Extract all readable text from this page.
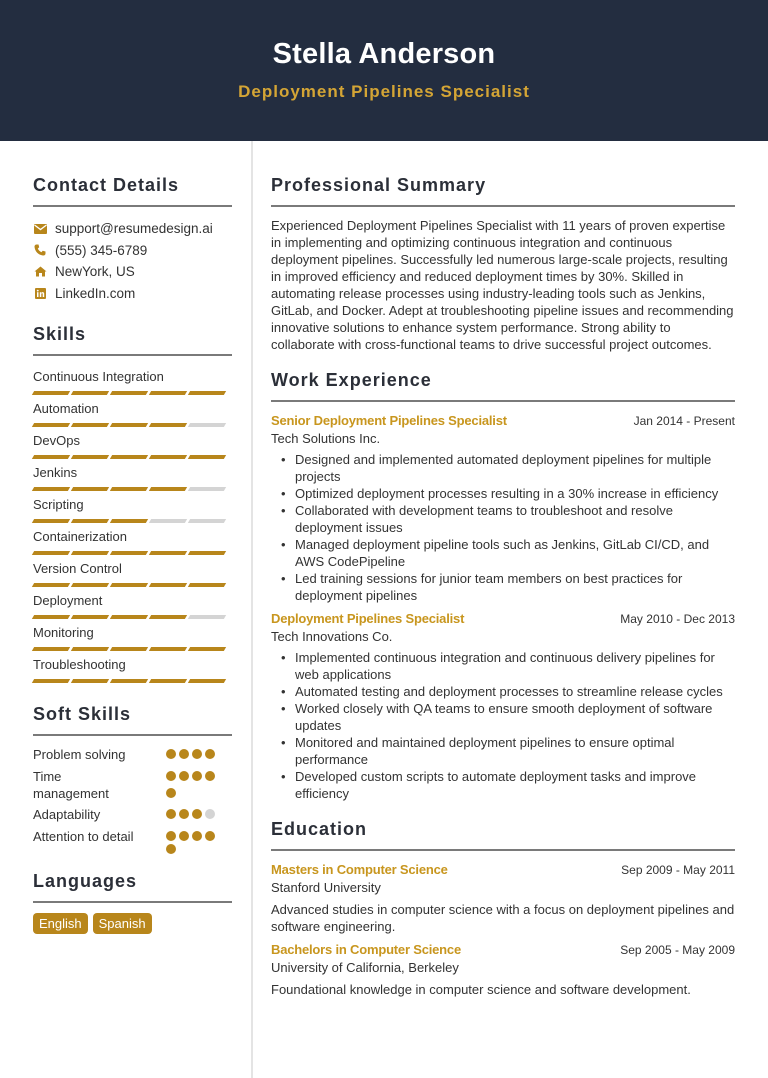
Stella Anderson
Deployment Pipelines Specialist
Contact Details
support@resumedesign.ai
(555) 345-6789
NewYork, US
LinkedIn.com
Skills
Continuous Integration
Automation
DevOps
Jenkins
Scripting
Containerization
Version Control
Deployment
Monitoring
Troubleshooting
Soft Skills
Problem solving
Time management
Adaptability
Attention to detail
Languages
English	Spanish
Professional Summary
Experienced Deployment Pipelines Specialist with 11 years of proven expertise in implementing and optimizing continuous integration and continuous deployment pipelines. Successfully led numerous large-scale projects, resulting in improved efficiency and reduced deployment times by 30%. Skilled in automating release processes using industry-leading tools such as Jenkins, GitLab, and Docker. Adept at troubleshooting pipeline issues and recommending innovative solutions to enhance system performance. Strong ability to collaborate with cross-functional teams to drive successful project outcomes.
Work Experience
Senior Deployment Pipelines Specialist	Jan 2014 - Present
Tech Solutions Inc.
• Designed and implemented automated deployment pipelines for multiple projects
• Optimized deployment processes resulting in a 30% increase in efficiency
• Collaborated with development teams to troubleshoot and resolve deployment issues
• Managed deployment pipeline tools such as Jenkins, GitLab CI/CD, and AWS CodePipeline
• Led training sessions for junior team members on best practices for deployment pipelines
Deployment Pipelines Specialist	May 2010 - Dec 2013
Tech Innovations Co.
• Implemented continuous integration and continuous delivery pipelines for web applications
• Automated testing and deployment processes to streamline release cycles
• Worked closely with QA teams to ensure smooth deployment of software updates
• Monitored and maintained deployment pipelines to ensure optimal performance
• Developed custom scripts to automate deployment tasks and improve efficiency
Education
Masters in Computer Science	Sep 2009 - May 2011
Stanford University
Advanced studies in computer science with a focus on deployment pipelines and software engineering.
Bachelors in Computer Science	Sep 2005 - May 2009
University of California, Berkeley
Foundational knowledge in computer science and software development.
